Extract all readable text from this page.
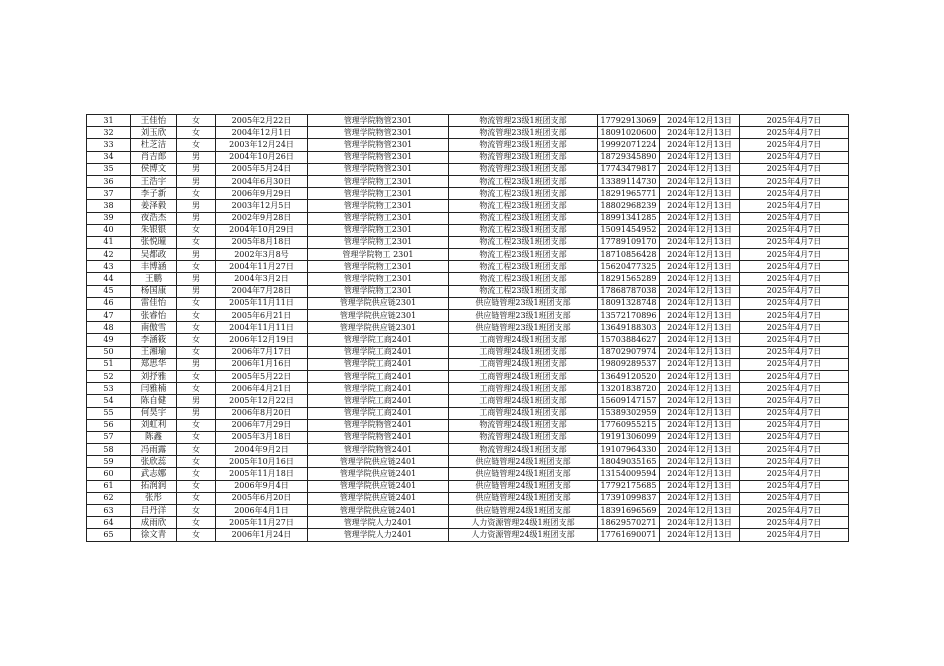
31	王佳怡	女	2005年2月22日	管理学院物管2301	物流管理23级1班团支部	17792913069	2024年12月13日	2025年4月7日
32	刘玉欣	女	2004年12月1日	管理学院物管2301	物流管理23级1班团支部	18091020600	2024年12月13日	2025年4月7日
33	杜芝洁	女	2003年12月24日	管理学院物管2301	物流管理23级1班团支部	19992071224	2024年12月13日	2025年4月7日
34	肖吉郎	男	2004年10月26日	管理学院物管2301	物流管理23级1班团支部	18729345890	2024年12月13日	2025年4月7日
35	侯博文	男	2005年5月24日	管理学院物管2301	物流管理23级1班团支部	17743479817	2024年12月13日	2025年4月7日
36	王浩宇	男	2004年6月30日	管理学院物工2301	物流工程23级1班团支部	13389114730	2024年12月13日	2025年4月7日
37	李子新	女	2006年9月29日	管理学院物工2301	物流工程23级1班团支部	18291965771	2024年12月13日	2025年4月7日
38	姜泽毅	男	2003年12月5日	管理学院物工2301	物流工程23级1班团支部	18802968239	2024年12月13日	2025年4月7日
39	夜浩杰	男	2002年9月28日	管理学院物工2301	物流工程23级1班团支部	18991341285	2024年12月13日	2025年4月7日
40	朱银银	女	2004年10月29日	管理学院物工2301	物流工程23级1班团支部	15091454952	2024年12月13日	2025年4月7日
41	张悦曈	女	2005年8月18日	管理学院物工2301	物流工程23级1班团支部	17789109170	2024年12月13日	2025年4月7日
42	吴都政	男	2002年3月8号	管理学院物工 2301	物流工程23级1班团支部	18710856428	2024年12月13日	2025年4月7日
43	丰博涵	女	2004年11月27日	管理学院物工2301	物流工程23级1班团支部	15620477325	2024年12月13日	2025年4月7日
44	王鹏	男	2004年3月2日	管理学院物工2301	物流工程23级1班团支部	18291565289	2024年12月13日	2025年4月7日
45	杨国康	男	2004年7月28日	管理学院物工2301	物流工程23级1班团支部	17868787038	2024年12月13日	2025年4月7日
46	雷佳怡	女	2005年11月11日	管理学院供应链2301	供应链管理23级1班团支部	18091328748	2024年12月13日	2025年4月7日
47	张睿怡	女	2005年6月21日	管理学院供应链2301	供应链管理23级1班团支部	13572170896	2024年12月13日	2025年4月7日
48	南傲雪	女	2004年11月11日	管理学院供应链2301	供应链管理23级1班团支部	13649188303	2024年12月13日	2025年4月7日
49	李涵筱	女	2006年12月19日	管理学院工商2401	工商管理24级1班团支部	15703884627	2024年12月13日	2025年4月7日
50	王湘瑜	女	2006年7月17日	管理学院工商2401	工商管理24级1班团支部	18702907974	2024年12月13日	2025年4月7日
51	郑思华	男	2006年1月16日	管理学院工商2401	工商管理24级1班团支部	19809289537	2024年12月13日	2025年4月7日
52	刘抒雅	女	2005年5月22日	管理学院工商2401	工商管理24级1班团支部	13649120520	2024年12月13日	2025年4月7日
53	闫雅楠	女	2006年4月21日	管理学院工商2401	工商管理24级1班团支部	13201838720	2024年12月13日	2025年4月7日
54	陈自健	男	2005年12月22日	管理学院工商2401	工商管理24级1班团支部	15609147157	2024年12月13日	2025年4月7日
55	何昊宇	男	2006年8月20日	管理学院工商2401	工商管理24级1班团支部	15389302959	2024年12月13日	2025年4月7日
56	刘虹利	女	2006年7月29日	管理学院物管2401	物流管理24级1班团支部	17760955215	2024年12月13日	2025年4月7日
57	陈鑫	女	2005年3月18日	管理学院物管2401	物流管理24级1班团支部	19191306099	2024年12月13日	2025年4月7日
58	冯雨露	女	2004年9月2日	管理学院物管2401	物流管理24级1班团支部	19107964330	2024年12月13日	2025年4月7日
59	张欣蕊	女	2005年10月16日	管理学院供应链2401	供应链管理24级1班团支部	18049035165	2024年12月13日	2025年4月7日
60	武志娜	女	2005年11月18日	管理学院供应链2401	供应链管理24级1班团支部	13154009594	2024年12月13日	2025年4月7日
61	拓润润	女	2006年9月4日	管理学院供应链2401	供应链管理24级1班团支部	17792175685	2024年12月13日	2025年4月7日
62	张彤	女	2005年6月20日	管理学院供应链2401	供应链管理24级1班团支部	17391099837	2024年12月13日	2025年4月7日
63	吕丹洋	女	2006年4月1日	管理学院供应链2401	供应链管理24级1班团支部	18391696569	2024年12月13日	2025年4月7日
64	成雨欣	女	2005年11月27日	管理学院人力2401	人力资源管理24级1班团支部	18629570271	2024年12月13日	2025年4月7日
65	徐文青	女	2006年1月24日	管理学院人力2401	人力资源管理24级1班团支部	17761690071	2024年12月13日	2025年4月7日
